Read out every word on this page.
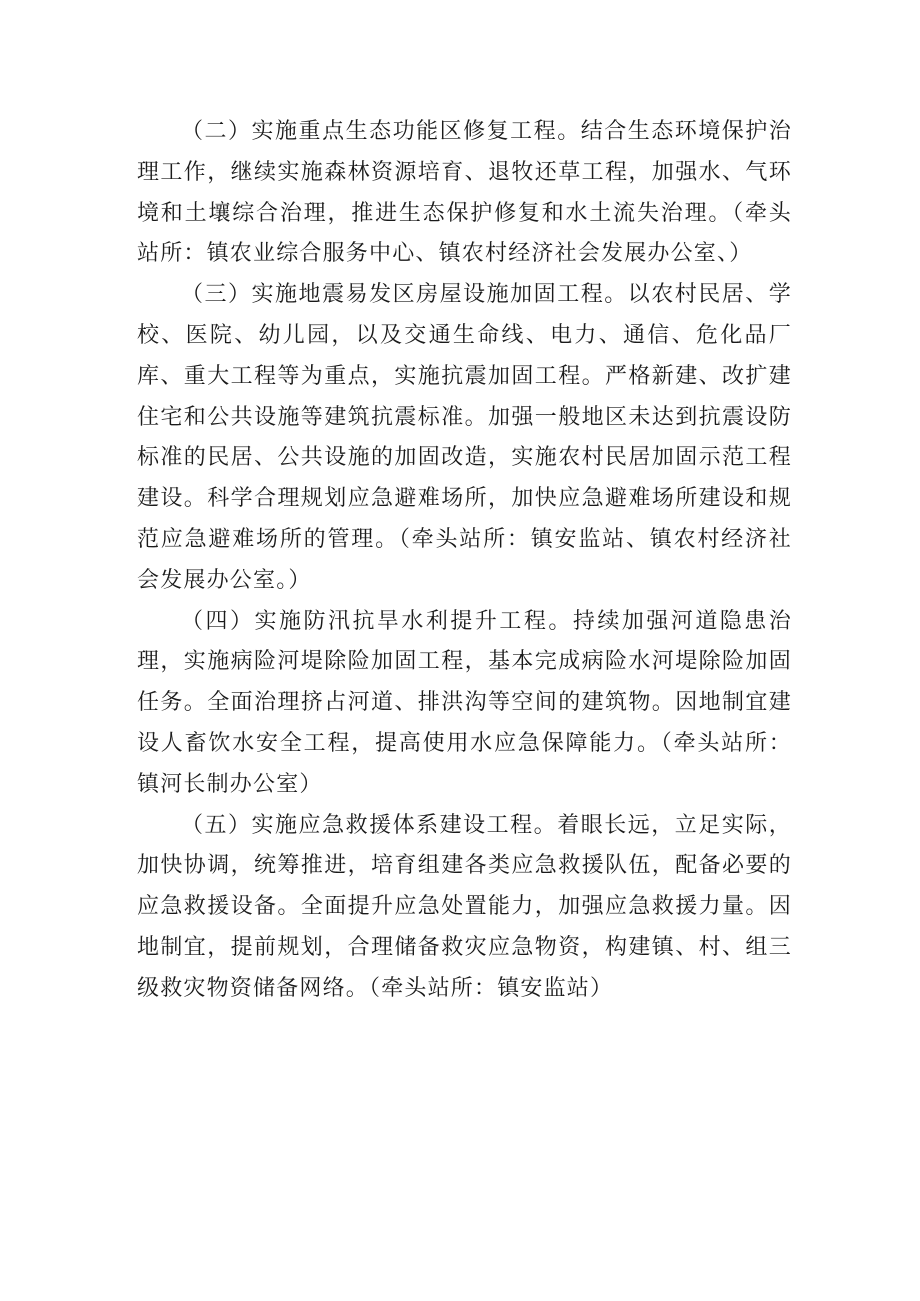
（二）实施重点生态功能区修复工程。结合生态环境保护治理工作，继续实施森林资源培育、退牧还草工程，加强水、气环境和土壤综合治理，推进生态保护修复和水土流失治理。（牵头站所：镇农业综合服务中心、镇农村经济社会发展办公室、）

（三）实施地震易发区房屋设施加固工程。以农村民居、学校、医院、幼儿园，以及交通生命线、电力、通信、危化品厂库、重大工程等为重点，实施抗震加固工程。严格新建、改扩建住宅和公共设施等建筑抗震标准。加强一般地区未达到抗震设防标准的民居、公共设施的加固改造，实施农村民居加固示范工程建设。科学合理规划应急避难场所，加快应急避难场所建设和规范应急避难场所的管理。（牵头站所：镇安监站、镇农村经济社会发展办公室。）

（四）实施防汛抗旱水利提升工程。持续加强河道隐患治理，实施病险河堤除险加固工程，基本完成病险水河堤除险加固任务。全面治理挤占河道、排洪沟等空间的建筑物。因地制宜建设人畜饮水安全工程，提高使用水应急保障能力。（牵头站所：镇河长制办公室）

（五）实施应急救援体系建设工程。着眼长远，立足实际，加快协调，统筹推进，培育组建各类应急救援队伍，配备必要的应急救援设备。全面提升应急处置能力，加强应急救援力量。因地制宜，提前规划，合理储备救灾应急物资，构建镇、村、组三级救灾物资储备网络。（牵头站所：镇安监站）
